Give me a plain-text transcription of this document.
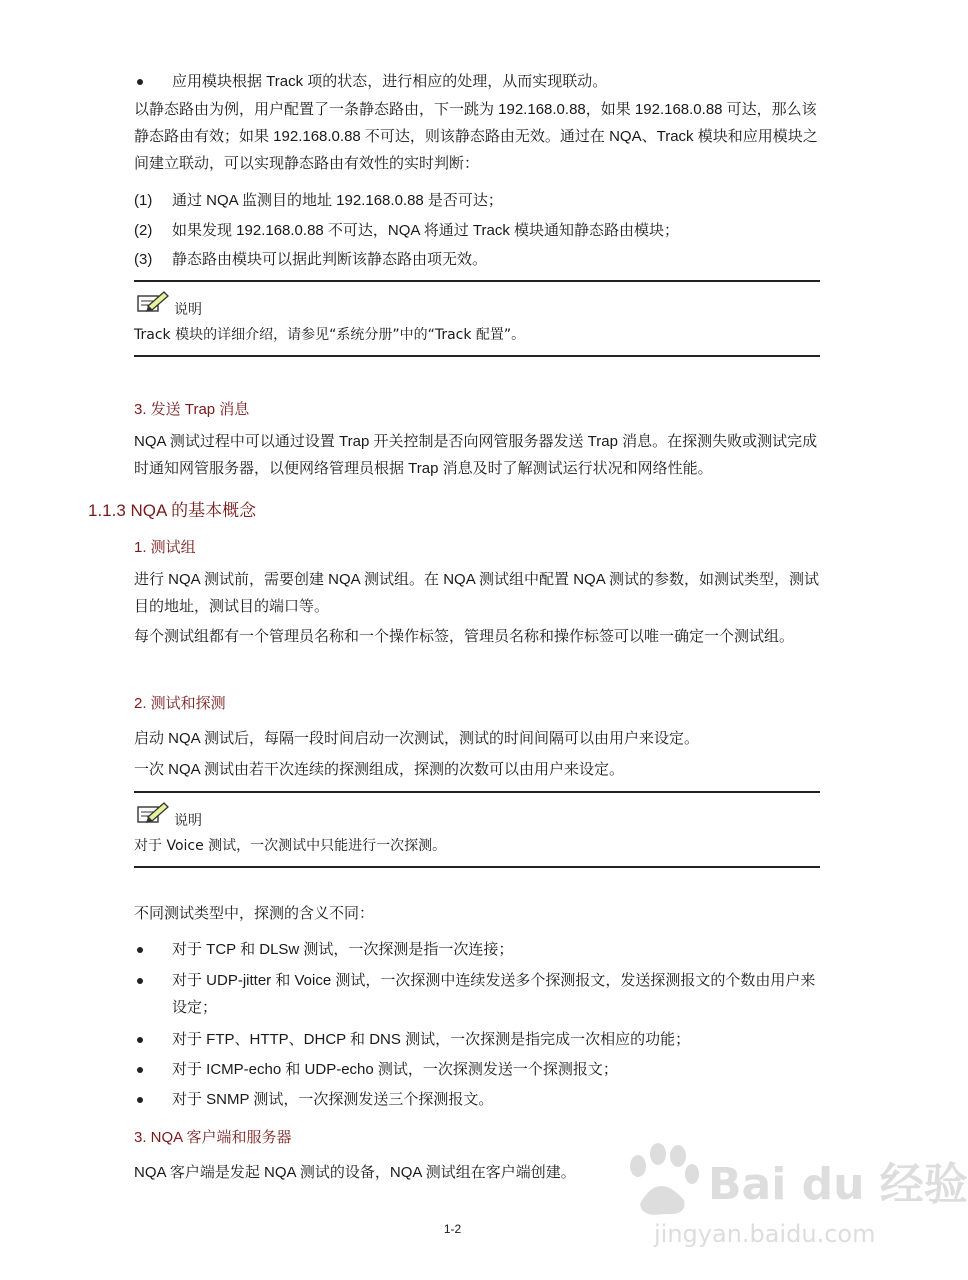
应用模块根据 Track 项的状态，进行相应的处理，从而实现联动。

以静态路由为例，用户配置了一条静态路由，下一跳为 192.168.0.88，如果 192.168.0.88 可达，那么该静态路由有效；如果 192.168.0.88 不可达，则该静态路由无效。通过在 NQA、Track 模块和应用模块之间建立联动，可以实现静态路由有效性的实时判断：

(1) 通过 NQA 监测目的地址 192.168.0.88 是否可达；

(2) 如果发现 192.168.0.88 不可达，NQA 将通过 Track 模块通知静态路由模块；

(3) 静态路由模块可以据此判断该静态路由项无效。

说明

Track 模块的详细介绍，请参见“系统分册”中的“Track 配置”。

3. 发送 Trap 消息

NQA 测试过程中可以通过设置 Trap 开关控制是否向网管服务器发送 Trap 消息。在探测失败或测试完成时通知网管服务器，以便网络管理员根据 Trap 消息及时了解测试运行状况和网络性能。

1.1.3 NQA 的基本概念

1. 测试组

进行 NQA 测试前，需要创建 NQA 测试组。在 NQA 测试组中配置 NQA 测试的参数，如测试类型，测试目的地址，测试目的端口等。

每个测试组都有一个管理员名称和一个操作标签，管理员名称和操作标签可以唯一确定一个测试组。

2. 测试和探测

启动 NQA 测试后，每隔一段时间启动一次测试，测试的时间间隔可以由用户来设定。

一次 NQA 测试由若干次连续的探测组成，探测的次数可以由用户来设定。

说明

对于 Voice 测试，一次测试中只能进行一次探测。

不同测试类型中，探测的含义不同：

对于 TCP 和 DLSw 测试，一次探测是指一次连接；

对于 UDP-jitter 和 Voice 测试，一次探测中连续发送多个探测报文，发送探测报文的个数由用户来设定；

对于 FTP、HTTP、DHCP 和 DNS 测试，一次探测是指完成一次相应的功能；

对于 ICMP-echo 和 UDP-echo 测试，一次探测发送一个探测报文；

对于 SNMP 测试，一次探测发送三个探测报文。

3. NQA 客户端和服务器

NQA 客户端是发起 NQA 测试的设备，NQA 测试组在客户端创建。

1-2

Bai du 经验
jingyan.baidu.com
